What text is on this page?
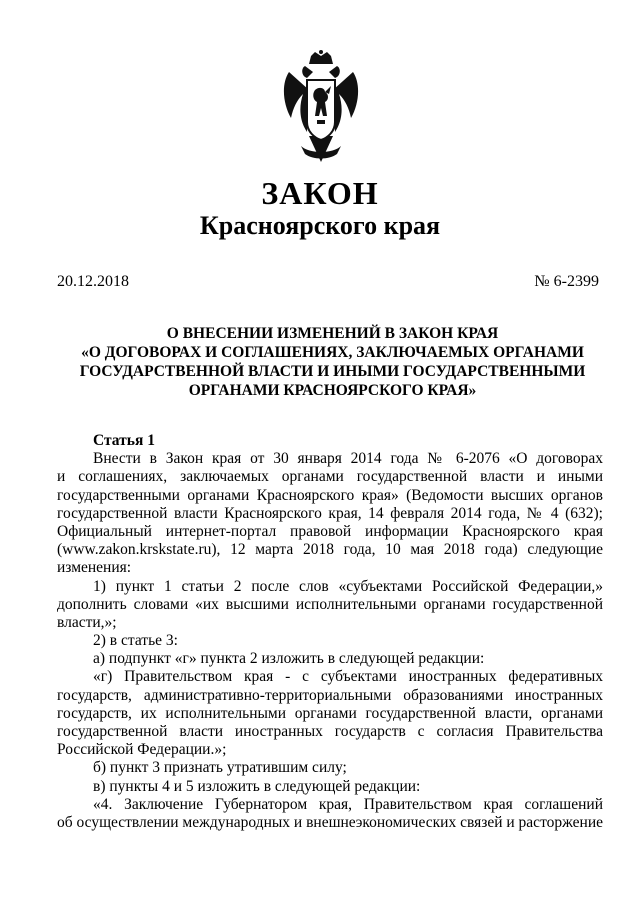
ЗАКОН
Красноярского края
20.12.2018	№ 6-2399
О ВНЕСЕНИИ ИЗМЕНЕНИЙ В ЗАКОН КРАЯ
«О ДОГОВОРАХ И СОГЛАШЕНИЯХ, ЗАКЛЮЧАЕМЫХ ОРГАНАМИ
ГОСУДАРСТВЕННОЙ ВЛАСТИ И ИНЫМИ ГОСУДАРСТВЕННЫМИ
ОРГАНАМИ КРАСНОЯРСКОГО КРАЯ»
Статья 1
Внести в Закон края от 30 января 2014 года № 6-2076 «О договорах
и соглашениях, заключаемых органами государственной власти и иными
государственными органами Красноярского края» (Ведомости высших органов
государственной власти Красноярского края, 14 февраля 2014 года, № 4 (632);
Официальный интернет-портал правовой информации Красноярского края
(www.zakon.krskstate.ru), 12 марта 2018 года, 10 мая 2018 года) следующие
изменения:
1) пункт 1 статьи 2 после слов «субъектами Российской Федерации,»
дополнить словами «их высшими исполнительными органами государственной
власти,»;
2) в статье 3:
а) подпункт «г» пункта 2 изложить в следующей редакции:
«г) Правительством края - с субъектами иностранных федеративных
государств, административно-территориальными образованиями иностранных
государств, их исполнительными органами государственной власти, органами
государственной власти иностранных государств с согласия Правительства
Российской Федерации.»;
б) пункт 3 признать утратившим силу;
в) пункты 4 и 5 изложить в следующей редакции:
«4. Заключение Губернатором края, Правительством края соглашений
об осуществлении международных и внешнеэкономических связей и расторжение
